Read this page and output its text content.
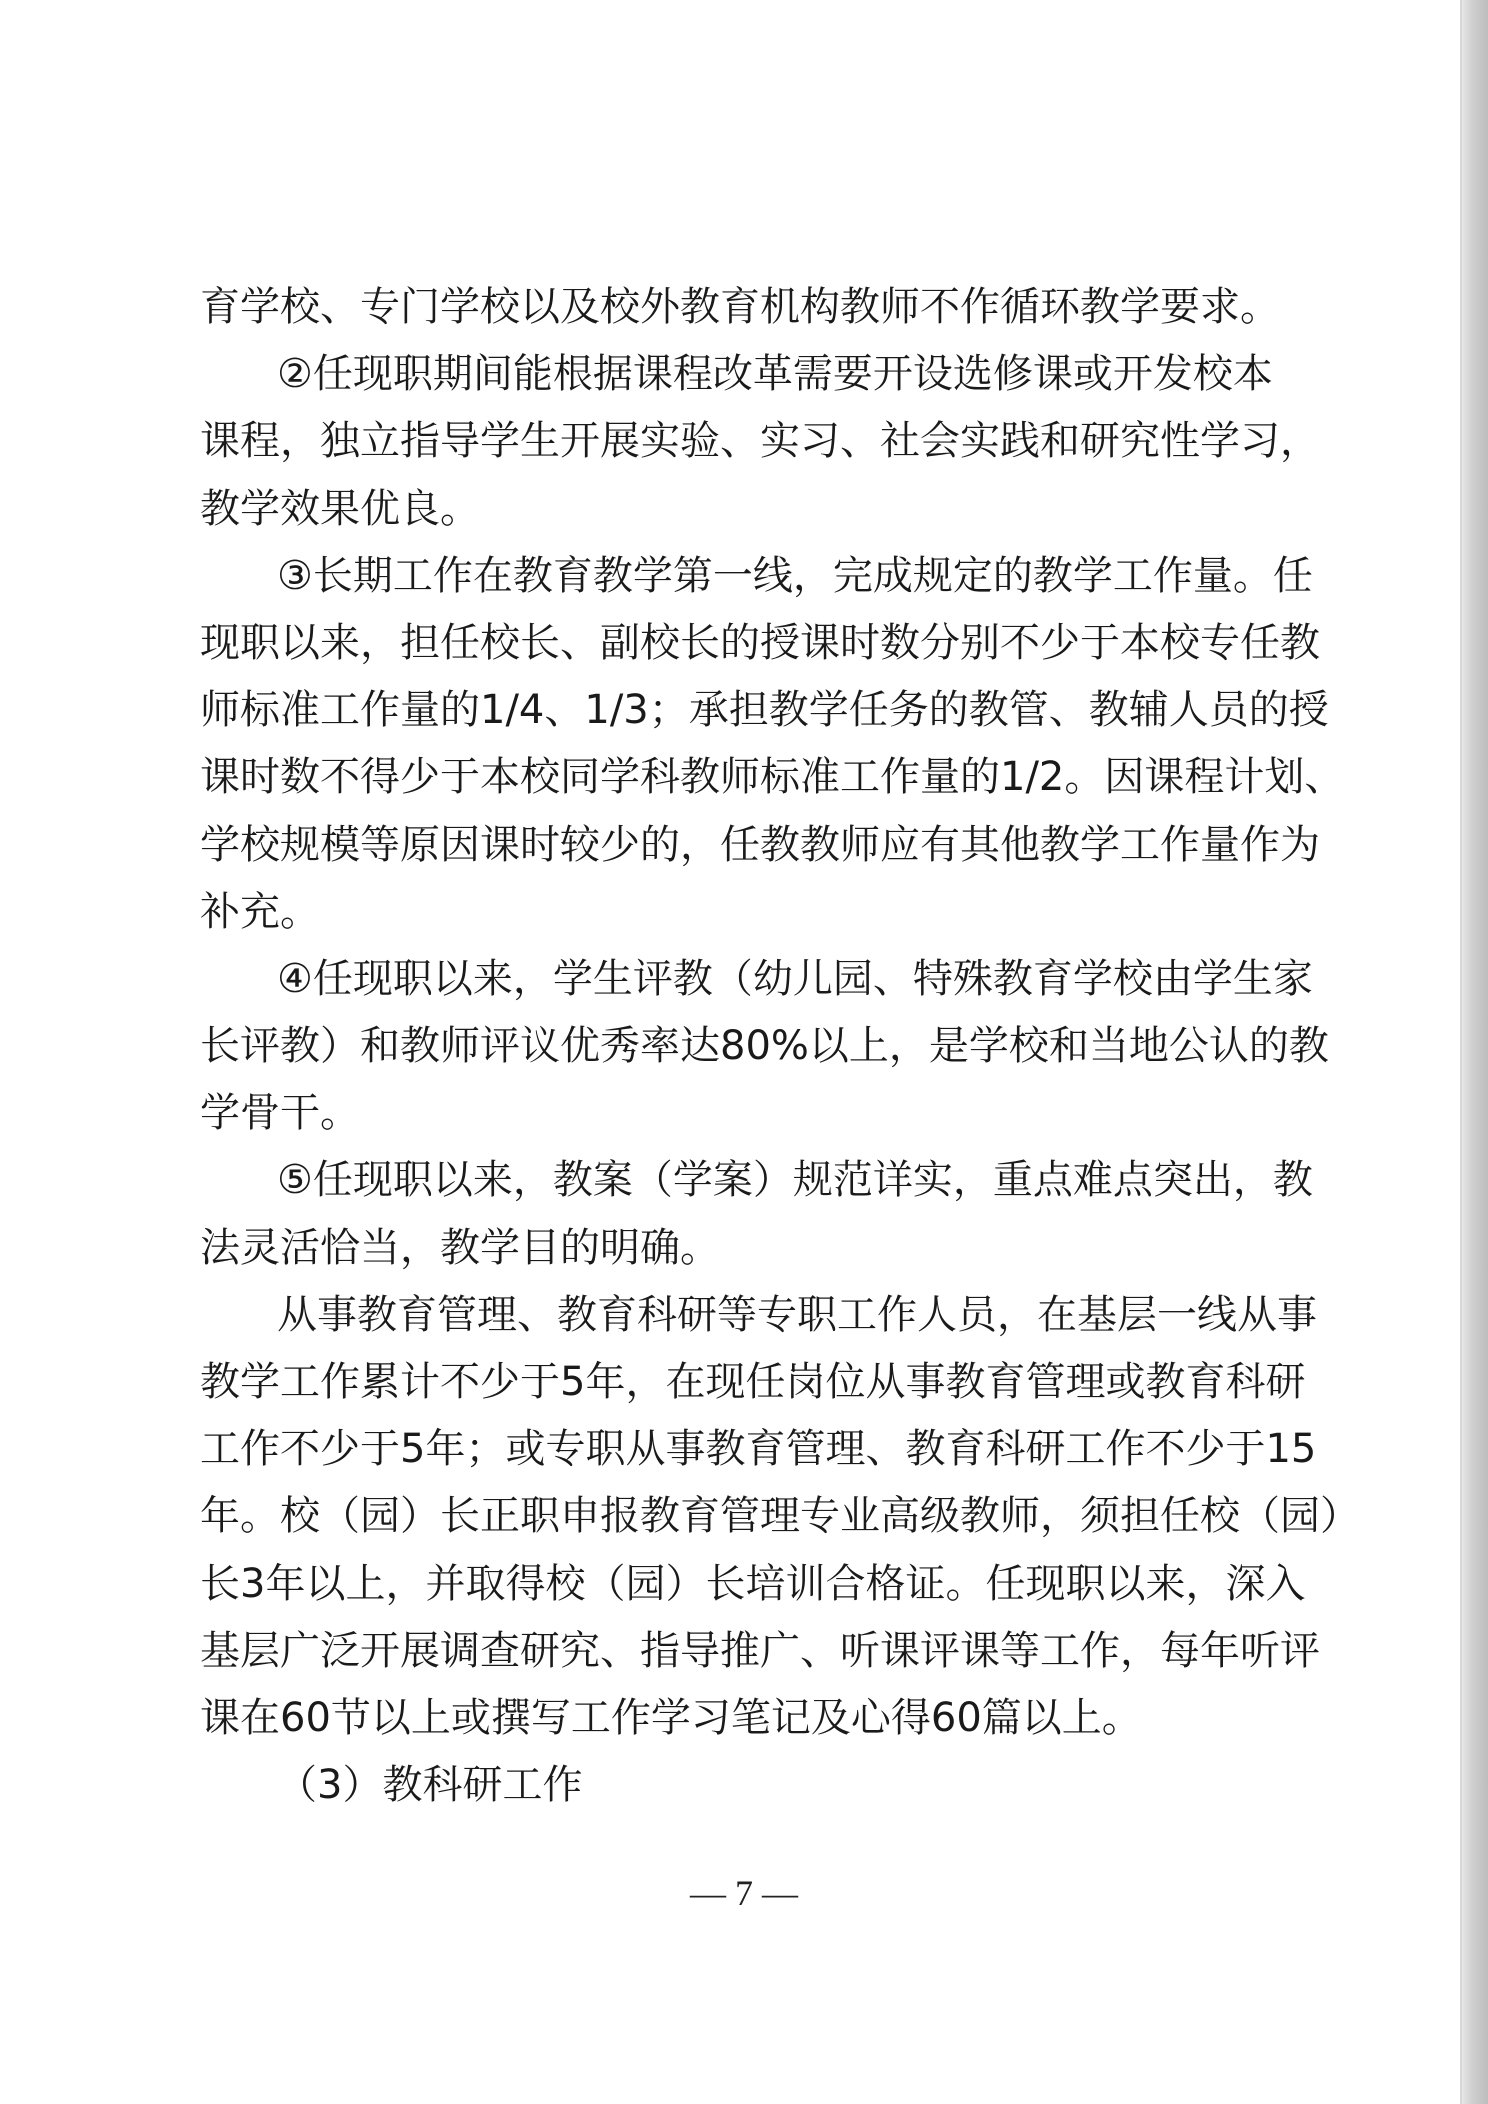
育学校、专门学校以及校外教育机构教师不作循环教学要求。
②任现职期间能根据课程改革需要开设选修课或开发校本
课程，独立指导学生开展实验、实习、社会实践和研究性学习，
教学效果优良。
③长期工作在教育教学第一线，完成规定的教学工作量。任
现职以来，担任校长、副校长的授课时数分别不少于本校专任教
师标准工作量的1/4、1/3；承担教学任务的教管、教辅人员的授
课时数不得少于本校同学科教师标准工作量的1/2。因课程计划、
学校规模等原因课时较少的，任教教师应有其他教学工作量作为
补充。
④任现职以来，学生评教（幼儿园、特殊教育学校由学生家
长评教）和教师评议优秀率达80%以上，是学校和当地公认的教
学骨干。
⑤任现职以来，教案（学案）规范详实，重点难点突出，教
法灵活恰当，教学目的明确。
从事教育管理、教育科研等专职工作人员，在基层一线从事
教学工作累计不少于5年，在现任岗位从事教育管理或教育科研
工作不少于5年；或专职从事教育管理、教育科研工作不少于15
年。校（园）长正职申报教育管理专业高级教师，须担任校（园）
长3年以上，并取得校（园）长培训合格证。任现职以来，深入
基层广泛开展调查研究、指导推广、听课评课等工作，每年听评
课在60节以上或撰写工作学习笔记及心得60篇以上。
（3）教科研工作
— 7 —
